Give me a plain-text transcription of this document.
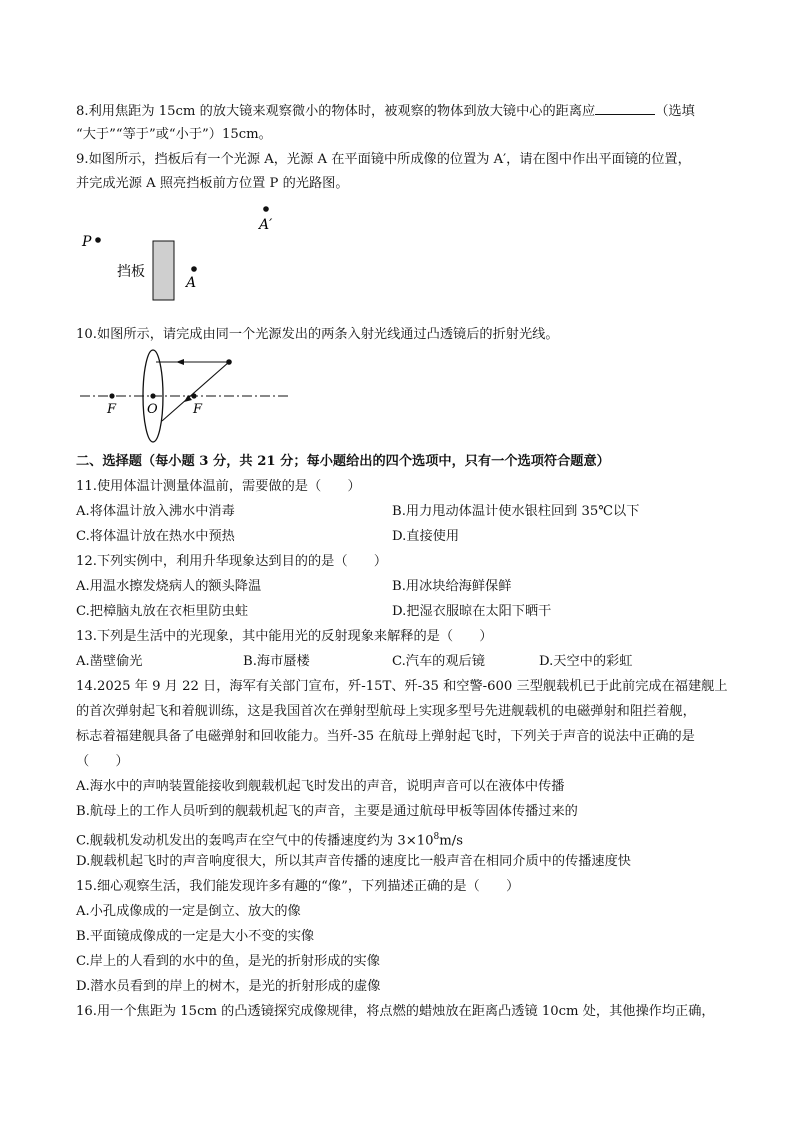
8.利用焦距为 15cm 的放大镜来观察微小的物体时，被观察的物体到放大镜中心的距离应	（选填
“大于”“等于”或“小于”）15cm。
9.如图所示，挡板后有一个光源 A，光源 A 在平面镜中所成像的位置为 A′，请在图中作出平面镜的位置，
并完成光源 A 照亮挡板前方位置 P 的光路图。
A′
P
挡板
A
10.如图所示，请完成由同一个光源发出的两条入射光线通过凸透镜后的折射光线。
F O	F
二、选择题（每小题 3 分，共 21 分；每小题给出的四个选项中，只有一个选项符合题意）
11.使用体温计测量体温前，需要做的是（　　）
A.将体温计放入沸水中消毒	B.用力甩动体温计使水银柱回到 35℃以下
C.将体温计放在热水中预热	D.直接使用
12.下列实例中，利用升华现象达到目的的是（　　）
A.用温水擦发烧病人的额头降温	B.用冰块给海鲜保鲜
C.把樟脑丸放在衣柜里防虫蛀	D.把湿衣服晾在太阳下晒干
13.下列是生活中的光现象，其中能用光的反射现象来解释的是（　　）
A.凿壁偷光	B.海市蜃楼	C.汽车的观后镜	D.天空中的彩虹
14.2025 年 9 月 22 日，海军有关部门宣布，歼-15T、歼-35 和空警-600 三型舰载机已于此前完成在福建舰上
的首次弹射起飞和着舰训练，这是我国首次在弹射型航母上实现多型号先进舰载机的电磁弹射和阻拦着舰，
标志着福建舰具备了电磁弹射和回收能力。当歼-35 在航母上弹射起飞时，下列关于声音的说法中正确的是
（　　）
A.海水中的声呐装置能接收到舰载机起飞时发出的声音，说明声音可以在液体中传播
B.航母上的工作人员听到的舰载机起飞的声音，主要是通过航母甲板等固体传播过来的
C.舰载机发动机发出的轰鸣声在空气中的传播速度约为 $3\times 10^8m/s$
D.舰载机起飞时的声音响度很大，所以其声音传播的速度比一般声音在相同介质中的传播速度快
15.细心观察生活，我们能发现许多有趣的“像”，下列描述正确的是（　　）
A.小孔成像成的一定是倒立、放大的像
B.平面镜成像成的一定是大小不变的实像
C.岸上的人看到的水中的鱼，是光的折射形成的实像
D.潜水员看到的岸上的树木，是光的折射形成的虚像
16.用一个焦距为 15cm 的凸透镜探究成像规律，将点燃的蜡烛放在距离凸透镜 10cm 处，其他操作均正确，
